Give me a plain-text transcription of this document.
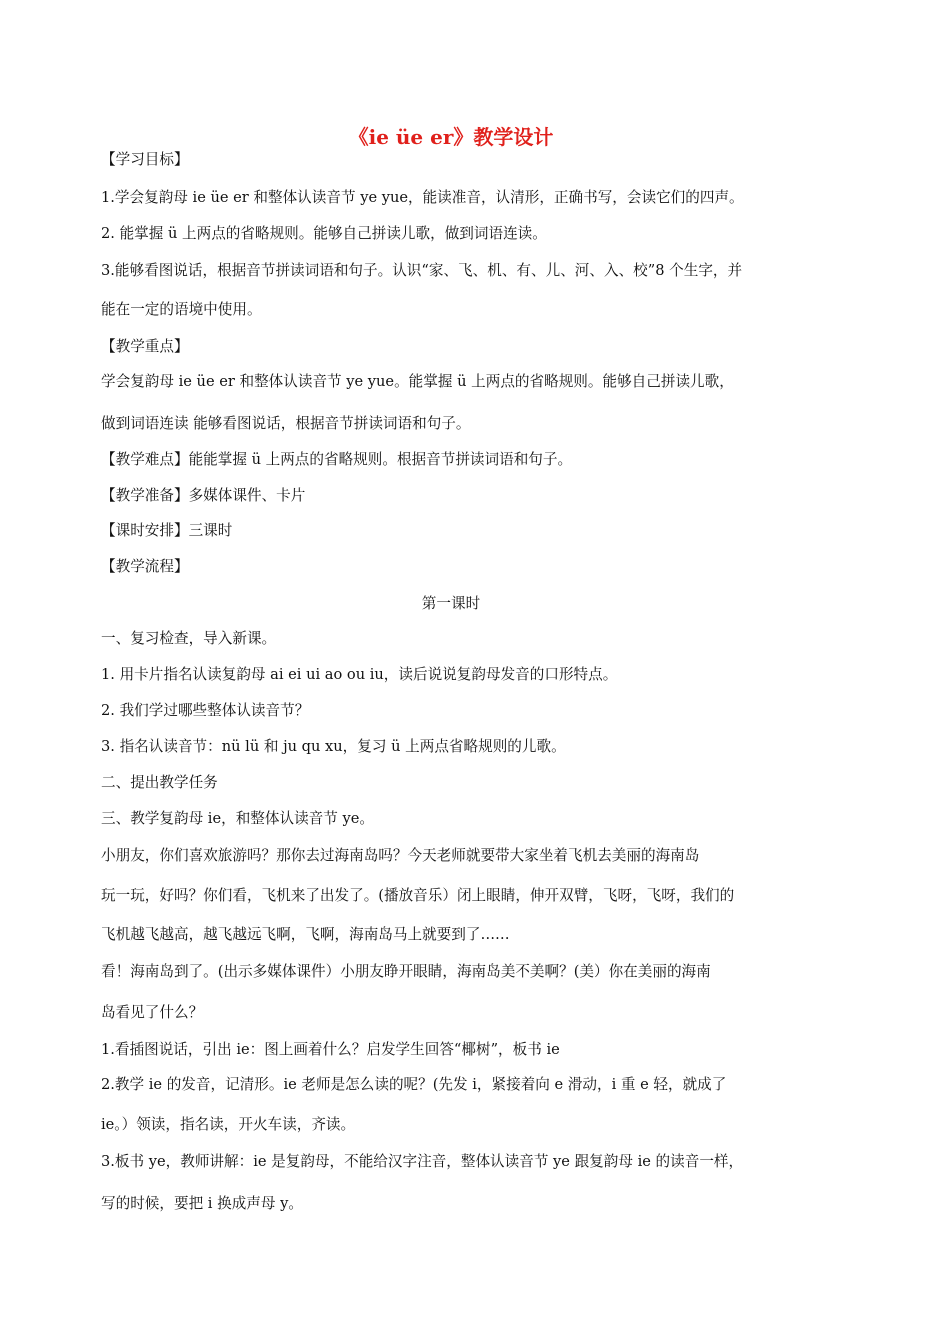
《ie üe er》教学设计
【学习目标】
1.学会复韵母 ie üe er 和整体认读音节 ye yue，能读准音，认清形，正确书写，会读它们的四声。
2. 能掌握 ü 上两点的省略规则。能够自己拼读儿歌，做到词语连读。
3.能够看图说话，根据音节拼读词语和句子。认识“家、飞、机、有、儿、河、入、校”8 个生字，并
能在一定的语境中使用。
【教学重点】
学会复韵母 ie üe er 和整体认读音节 ye yue。能掌握 ü 上两点的省略规则。能够自己拼读儿歌，
做到词语连读 能够看图说话，根据音节拼读词语和句子。
【教学难点】能能掌握 ü 上两点的省略规则。根据音节拼读词语和句子。
【教学准备】多媒体课件、卡片
【课时安排】三课时
【教学流程】
第一课时
一、复习检查，导入新课。
1. 用卡片指名认读复韵母 ai ei ui ao ou iu，读后说说复韵母发音的口形特点。
2. 我们学过哪些整体认读音节？
3. 指名认读音节：nü lü 和 ju qu xu，复习 ü 上两点省略规则的儿歌。
二、提出教学任务
三、教学复韵母 ie，和整体认读音节 ye。
小朋友，你们喜欢旅游吗？那你去过海南岛吗？今天老师就要带大家坐着飞机去美丽的海南岛
玩一玩，好吗？你们看，飞机来了出发了。(播放音乐）闭上眼睛，伸开双臂，飞呀，飞呀，我们的
飞机越飞越高，越飞越远飞啊，飞啊，海南岛马上就要到了……
看！海南岛到了。(出示多媒体课件）小朋友睁开眼睛，海南岛美不美啊？(美）你在美丽的海南
岛看见了什么？
1.看插图说话，引出 ie：图上画着什么？启发学生回答“椰树”，板书 ie
2.教学 ie 的发音，记清形。ie 老师是怎么读的呢？(先发 i，紧接着向 e 滑动，i 重 e 轻，就成了
ie。）领读，指名读，开火车读，齐读。
3.板书 ye，教师讲解：ie 是复韵母，不能给汉字注音，整体认读音节 ye 跟复韵母 ie 的读音一样，
写的时候，要把 i 换成声母 y。
